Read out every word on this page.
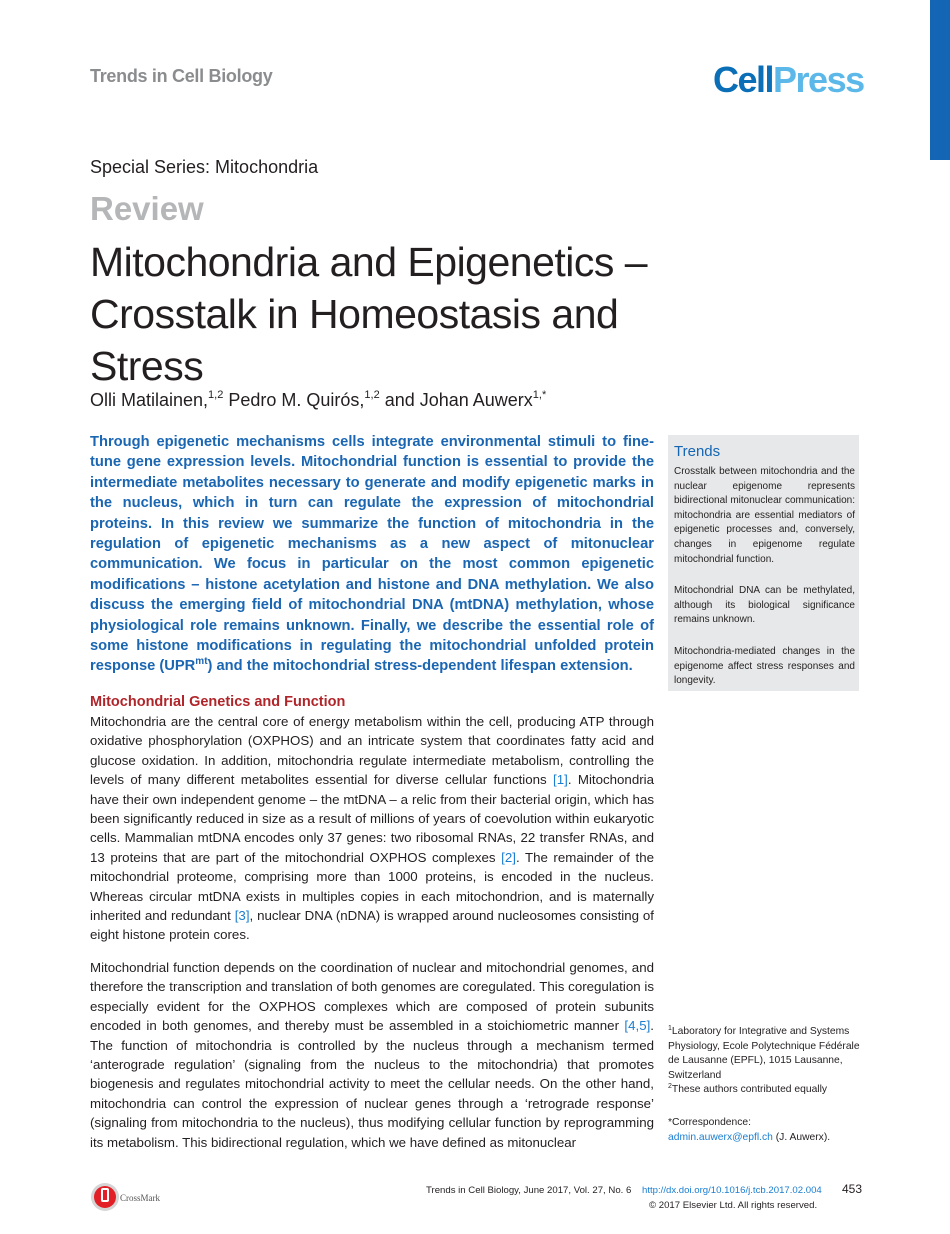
Trends in Cell Biology	CellPress
Special Series: Mitochondria
Review
Mitochondria and Epigenetics – Crosstalk in Homeostasis and Stress
Olli Matilainen,$^{1,2}$ Pedro M. Quirós,$^{1,2}$ and Johan Auwerx$^{1,*}$
Through epigenetic mechanisms cells integrate environmental stimuli to fine-tune gene expression levels. Mitochondrial function is essential to provide the intermediate metabolites necessary to generate and modify epigenetic marks in the nucleus, which in turn can regulate the expression of mitochondrial proteins. In this review we summarize the function of mitochondria in the regulation of epigenetic mechanisms as a new aspect of mitonuclear communication. We focus in particular on the most common epigenetic modifications – histone acetylation and histone and DNA methylation. We also discuss the emerging field of mitochondrial DNA (mtDNA) methylation, whose physiological role remains unknown. Finally, we describe the essential role of some histone modifications in regulating the mitochondrial unfolded protein response $(UPR^{mt})$ and the mitochondrial stress-dependent lifespan extension.
Trends
Crosstalk between mitochondria and the nuclear epigenome represents bidirectional mitonuclear communication: mitochondria are essential mediators of epigenetic processes and, conversely, changes in epigenome regulate mitochondrial function.
Mitochondrial DNA can be methylated, although its biological significance remains unknown.
Mitochondria-mediated changes in the epigenome affect stress responses and longevity.
Mitochondrial Genetics and Function
Mitochondria are the central core of energy metabolism within the cell, producing ATP through oxidative phosphorylation (OXPHOS) and an intricate system that coordinates fatty acid and glucose oxidation. In addition, mitochondria regulate intermediate metabolism, controlling the levels of many different metabolites essential for diverse cellular functions [1]. Mitochondria have their own independent genome – the mtDNA – a relic from their bacterial origin, which has been significantly reduced in size as a result of millions of years of coevolution within eukaryotic cells. Mammalian mtDNA encodes only 37 genes: two ribosomal RNAs, 22 transfer RNAs, and 13 proteins that are part of the mitochondrial OXPHOS complexes [2]. The remainder of the mitochondrial proteome, comprising more than 1000 proteins, is encoded in the nucleus. Whereas circular mtDNA exists in multiples copies in each mitochondrion, and is maternally inherited and redundant [3], nuclear DNA (nDNA) is wrapped around nucleosomes consisting of eight histone protein cores.
Mitochondrial function depends on the coordination of nuclear and mitochondrial genomes, and therefore the transcription and translation of both genomes are coregulated. This coregulation is especially evident for the OXPHOS complexes which are composed of protein subunits encoded in both genomes, and thereby must be assembled in a stoichiometric manner [4,5]. The function of mitochondria is controlled by the nucleus through a mechanism termed ‘anterograde regulation’ (signaling from the nucleus to the mitochondria) that promotes biogenesis and regulates mitochondrial activity to meet the cellular needs. On the other hand, mitochondria can control the expression of nuclear genes through a ‘retrograde response’ (signaling from mitochondria to the nucleus), thus modifying cellular function by reprogramming its metabolism. This bidirectional regulation, which we have defined as mitonuclear
$^1$Laboratory for Integrative and Systems Physiology, Ecole Polytechnique Fédérale de Lausanne (EPFL), 1015 Lausanne, Switzerland
$^2$These authors contributed equally
*Correspondence:
admin.auwerx@epfl.ch (J. Auwerx).
CrossMark
Trends in Cell Biology, June 2017, Vol. 27, No. 6 http://dx.doi.org/10.1016/j.tcb.2017.02.004 453
© 2017 Elsevier Ltd. All rights reserved.
